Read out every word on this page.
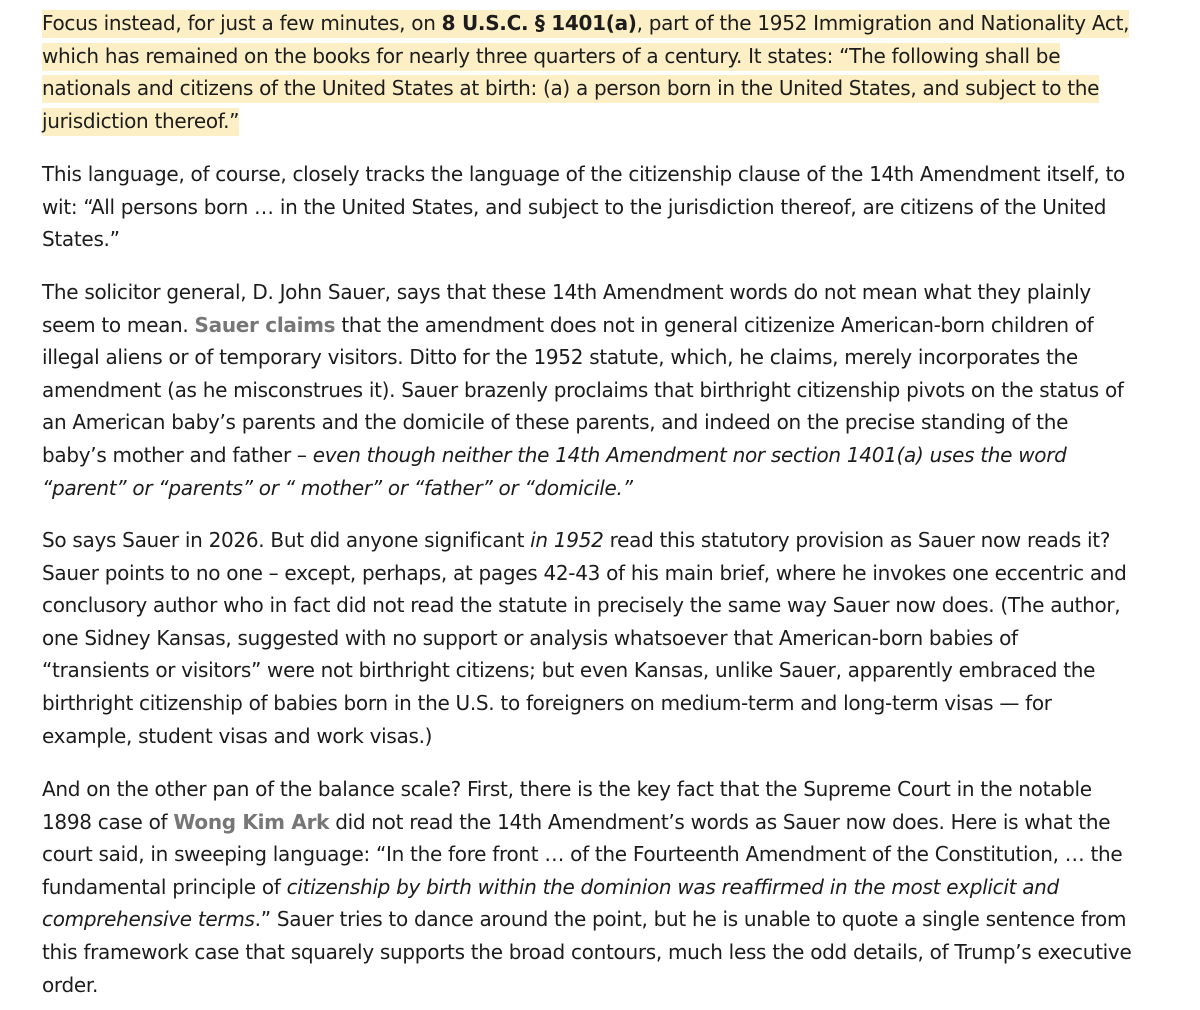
Focus instead, for just a few minutes, on 8 U.S.C. § 1401(a), part of the 1952 Immigration and Nationality Act,
which has remained on the books for nearly three quarters of a century. It states: “The following shall be
nationals and citizens of the United States at birth: (a) a person born in the United States, and subject to the
jurisdiction thereof.”

This language, of course, closely tracks the language of the citizenship clause of the 14th Amendment itself, to
wit: “All persons born … in the United States, and subject to the jurisdiction thereof, are citizens of the United
States.”

The solicitor general, D. John Sauer, says that these 14th Amendment words do not mean what they plainly
seem to mean. Sauer claims that the amendment does not in general citizenize American-born children of
illegal aliens or of temporary visitors. Ditto for the 1952 statute, which, he claims, merely incorporates the
amendment (as he misconstrues it). Sauer brazenly proclaims that birthright citizenship pivots on the status of
an American baby’s parents and the domicile of these parents, and indeed on the precise standing of the
baby’s mother and father – even though neither the 14th Amendment nor section 1401(a) uses the word
“parent” or “parents” or “ mother” or “father” or “domicile.”

So says Sauer in 2026. But did anyone significant in 1952 read this statutory provision as Sauer now reads it?
Sauer points to no one – except, perhaps, at pages 42-43 of his main brief, where he invokes one eccentric and
conclusory author who in fact did not read the statute in precisely the same way Sauer now does. (The author,
one Sidney Kansas, suggested with no support or analysis whatsoever that American-born babies of
“transients or visitors” were not birthright citizens; but even Kansas, unlike Sauer, apparently embraced the
birthright citizenship of babies born in the U.S. to foreigners on medium-term and long-term visas — for
example, student visas and work visas.)

And on the other pan of the balance scale? First, there is the key fact that the Supreme Court in the notable
1898 case of Wong Kim Ark did not read the 14th Amendment’s words as Sauer now does. Here is what the
court said, in sweeping language: “In the fore front … of the Fourteenth Amendment of the Constitution, … the
fundamental principle of citizenship by birth within the dominion was reaffirmed in the most explicit and
comprehensive terms.” Sauer tries to dance around the point, but he is unable to quote a single sentence from
this framework case that squarely supports the broad contours, much less the odd details, of Trump’s executive
order.
